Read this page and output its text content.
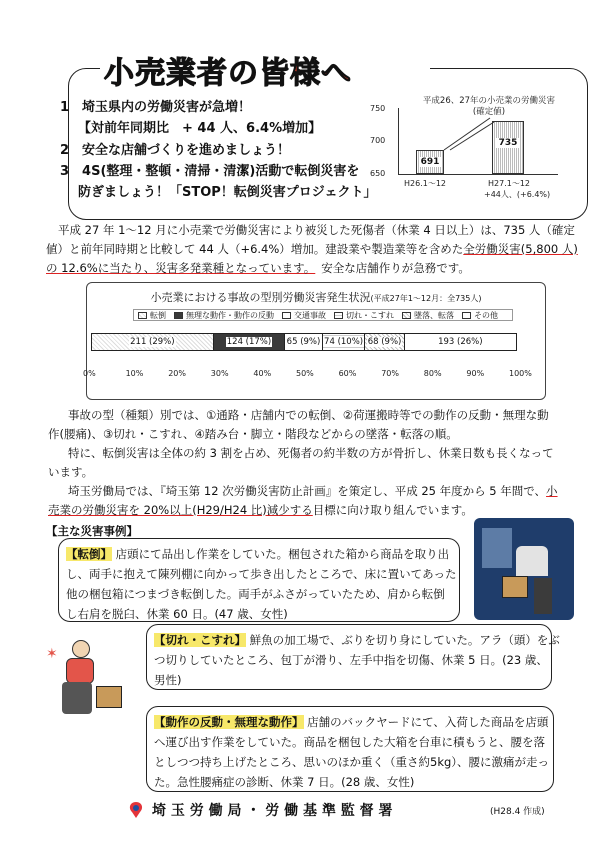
小売業者の皆様へ
1　埼玉県内の労働災害が急増！
【対前年同期比　+ 44 人、6.4%増加】
2　安全な店舗づくりを進めましょう！
3　4S(整理・整頓・清掃・清潔)活動で転倒災害を
防ぎましょう！「STOP！転倒災害プロジェクト」
平成26、27年の小売業の労働災害
(確定値)
750
700
650
691
735
H26.1～12	H27.1～12
+44人、(+6.4%)
平成 27 年 1～12 月に小売業で労働災害により被災した死傷者（休業 4 日以上）は、735 人（確定
値）と前年同時期と比較して 44 人（+6.4%）増加。建設業や製造業等を含めた全労働災害(5,800 人)
の 12.6%に当たり、災害多発業種となっています。 安全な店舗作りが急務です。
小売業における事故の型別労働災害発生状況(平成27年1～12月：全735人)
転倒	無理な動作・動作の反動	交通事故	切れ・こすれ	墜落、転落	その他
211 (29%)	124 (17%) 65 (9%) 74 (10%) 68 (9%)	193 (26%)
0%	10%	20%	30%	40%	50%	60%	70%	80%	90%	100%
事故の型（種類）別では、①通路・店舗内での転倒、②荷運搬時等での動作の反動・無理な動
作(腰痛)、③切れ・こすれ、④踏み台・脚立・階段などからの墜落・転落の順。
特に、転倒災害は全体の約 3 割を占め、死傷者の約半数の方が骨折し、休業日数も長くなって
います。
埼玉労働局では、『埼玉第 12 次労働災害防止計画』を策定し、平成 25 年度から 5 年間で、小
売業の労働災害を 20%以上(H29/H24 比)減少する目標に向け取り組んでいます。
【主な災害事例】
【転倒】 店頭にて品出し作業をしていた。梱包された箱から商品を取り出
し、両手に抱えて陳列棚に向かって歩き出したところで、床に置いてあった
他の梱包箱につまづき転倒した。両手がふさがっていたため、肩から転倒
し右肩を脱臼、休業 60 日。(47 歳、女性)
✶
【切れ・こすれ】 鮮魚の加工場で、ぶりを切り身にしていた。アラ（頭）をぶ
つ切りしていたところ、包丁が滑り、左手中指を切傷、休業 5 日。(23 歳、
男性)
【動作の反動・無理な動作】 店舗のバックヤードにて、入荷した商品を店頭
へ運び出す作業をしていた。商品を梱包した大箱を台車に積もうと、腰を落
としつつ持ち上げたところ、思いのほか重く（重さ約5kg）、腰に激痛が走っ
た。急性腰痛症の診断、休業 7 日。(28 歳、女性)
埼 玉 労 働 局 ・ 労 働 基 準 監 督 署	(H28.4 作成)
